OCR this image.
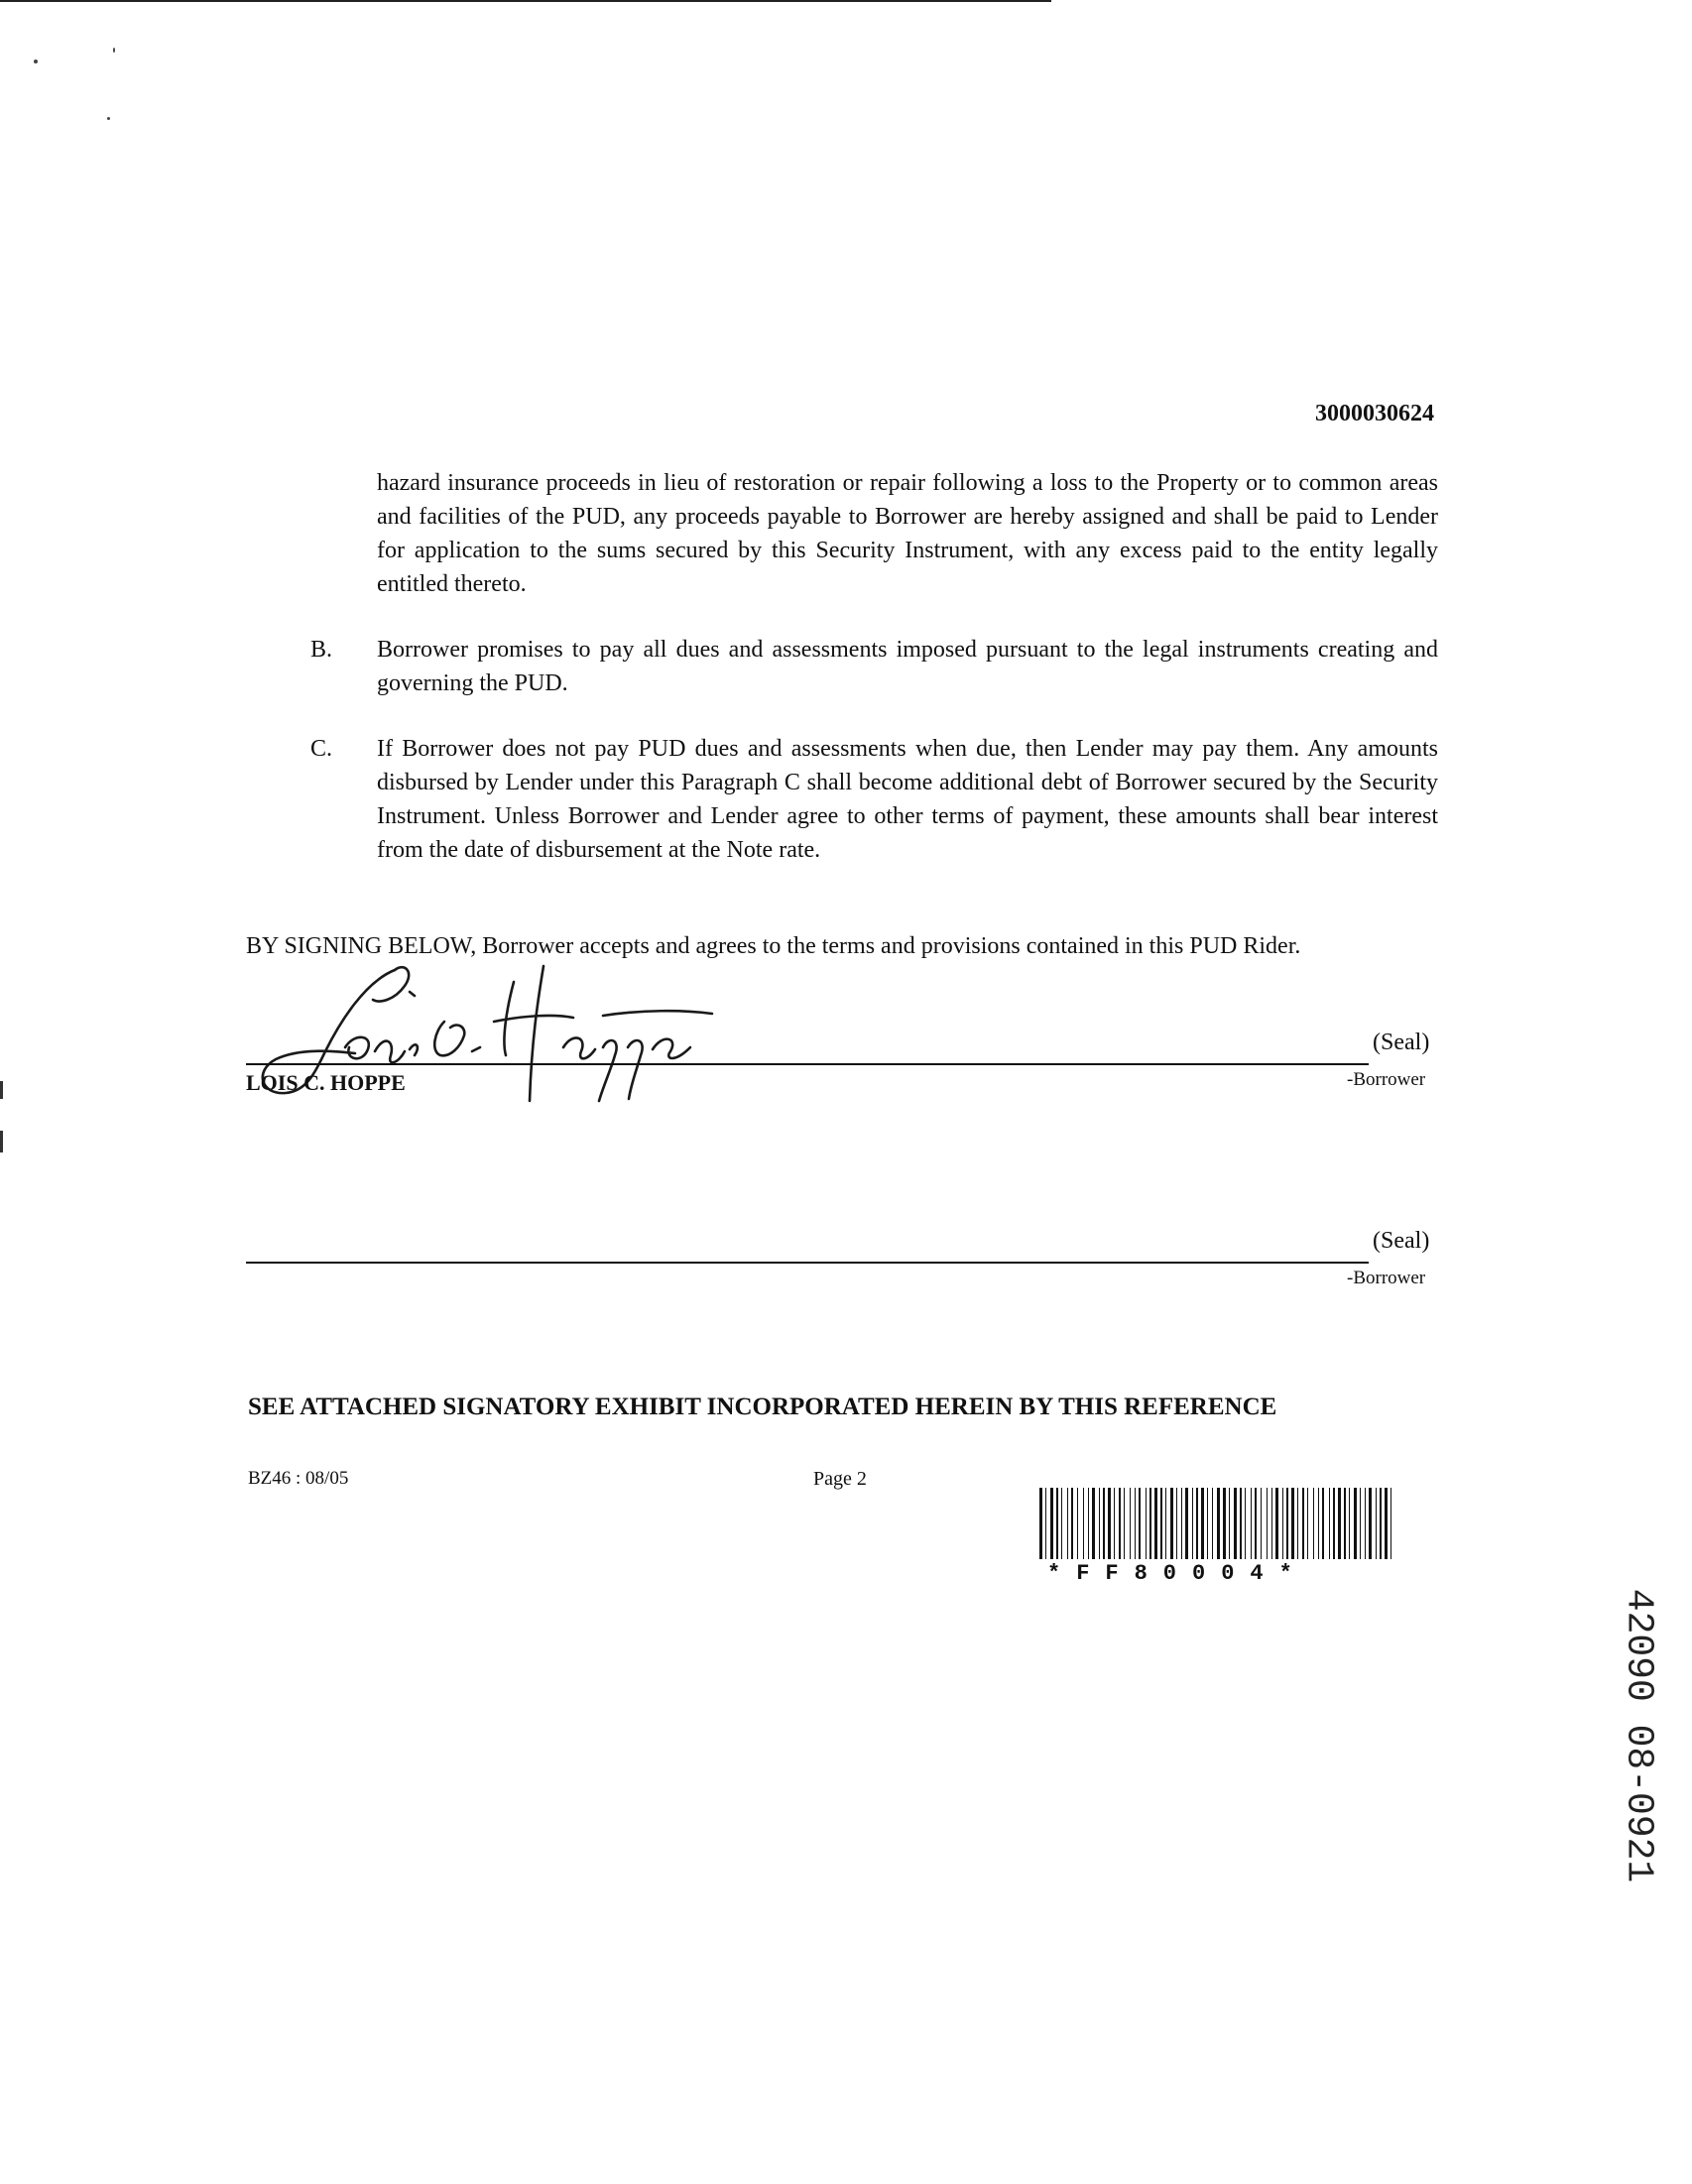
3000030624

hazard insurance proceeds in lieu of restoration or repair following a loss to the Property or to common areas and facilities of the PUD, any proceeds payable to Borrower are hereby assigned and shall be paid to Lender for application to the sums secured by this Security Instrument, with any excess paid to the entity legally entitled thereto.

B. Borrower promises to pay all dues and assessments imposed pursuant to the legal instruments creating and governing the PUD.

C. If Borrower does not pay PUD dues and assessments when due, then Lender may pay them. Any amounts disbursed by Lender under this Paragraph C shall become additional debt of Borrower secured by the Security Instrument. Unless Borrower and Lender agree to other terms of payment, these amounts shall bear interest from the date of disbursement at the Note rate.

BY SIGNING BELOW, Borrower accepts and agrees to the terms and provisions contained in this PUD Rider.

(Seal)
LOIS C. HOPPE	-Borrower
(Seal)
-Borrower
SEE ATTACHED SIGNATORY EXHIBIT INCORPORATED HEREIN BY THIS REFERENCE
BZ46 : 08/05	Page 2
*FF80004*
42090 08-0921
